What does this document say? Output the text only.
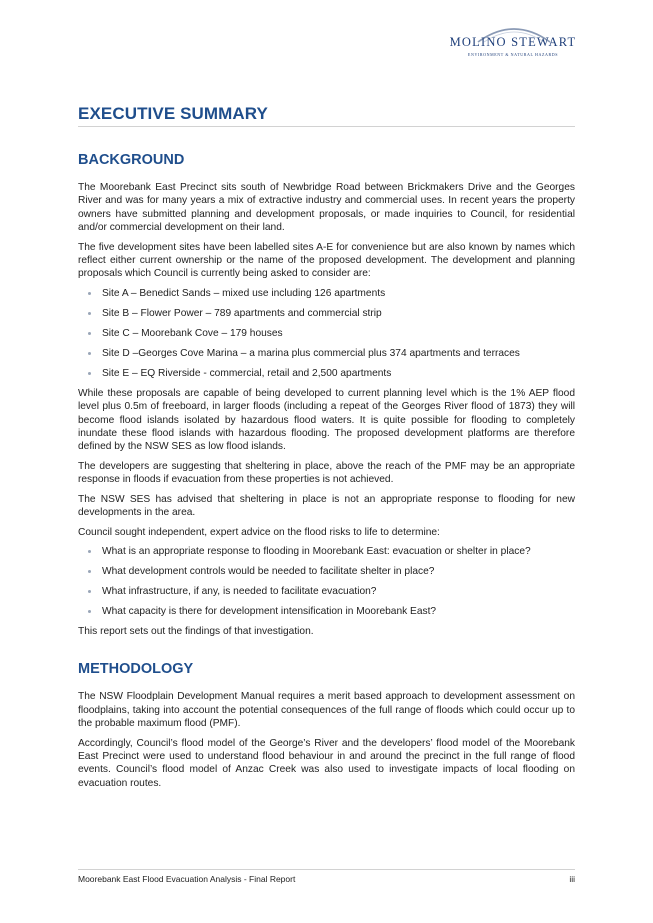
MOLINO STEWART
ENVIRONMENT & NATURAL HAZARDS
EXECUTIVE SUMMARY
BACKGROUND

The Moorebank East Precinct sits south of Newbridge Road between Brickmakers Drive and the Georges River and was for many years a mix of extractive industry and commercial uses. In recent years the property owners have submitted planning and development proposals, or made inquiries to Council, for residential and/or commercial development on their land.

The five development sites have been labelled sites A-E for convenience but are also known by names which reflect either current ownership or the name of the proposed development. The development and planning proposals which Council is currently being asked to consider are:

Site A – Benedict Sands – mixed use including 126 apartments
Site B – Flower Power – 789 apartments and commercial strip
Site C – Moorebank Cove – 179 houses
Site D –Georges Cove Marina – a marina plus commercial plus 374 apartments and terraces
Site E – EQ Riverside - commercial, retail and 2,500 apartments

While these proposals are capable of being developed to current planning level which is the 1% AEP flood level plus 0.5m of freeboard, in larger floods (including a repeat of the Georges River flood of 1873) they will become flood islands isolated by hazardous flood waters. It is quite possible for flooding to completely inundate these flood islands with hazardous flooding. The proposed development platforms are therefore defined by the NSW SES as low flood islands.

The developers are suggesting that sheltering in place, above the reach of the PMF may be an appropriate response in floods if evacuation from these properties is not achieved.

The NSW SES has advised that sheltering in place is not an appropriate response to flooding for new developments in the area.

Council sought independent, expert advice on the flood risks to life to determine:

What is an appropriate response to flooding in Moorebank East: evacuation or shelter in place?
What development controls would be needed to facilitate shelter in place?
What infrastructure, if any, is needed to facilitate evacuation?
What capacity is there for development intensification in Moorebank East?

This report sets out the findings of that investigation.

METHODOLOGY

The NSW Floodplain Development Manual requires a merit based approach to development assessment on floodplains, taking into account the potential consequences of the full range of floods which could occur up to the probable maximum flood (PMF).

Accordingly, Council’s flood model of the George’s River and the developers’ flood model of the Moorebank East Precinct were used to understand flood behaviour in and around the precinct in the full range of flood events. Council’s flood model of Anzac Creek was also used to investigate impacts of local flooding on evacuation routes.

Moorebank East Flood Evacuation Analysis - Final Report	iii
